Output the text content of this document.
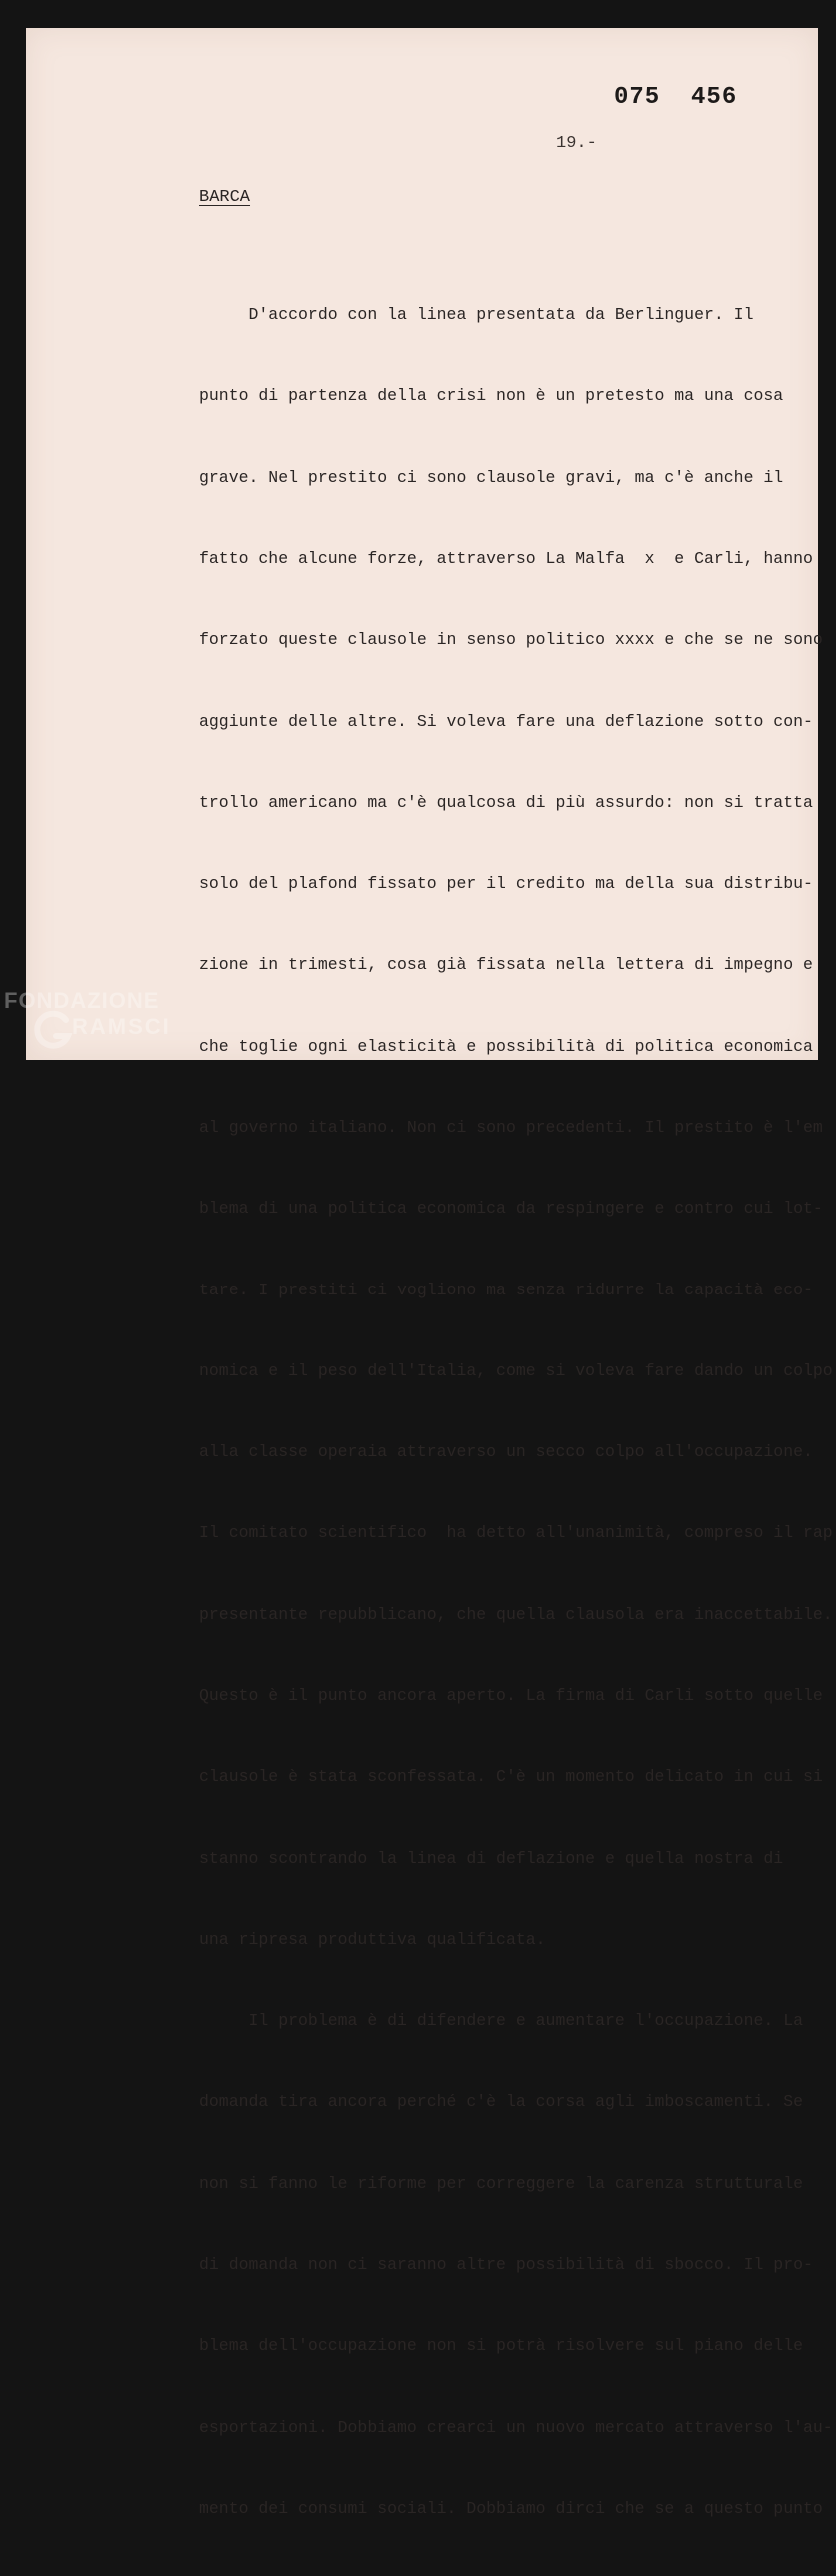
075  456
19.-
BARCA

D'accordo con la linea presentata da Berlinguer. Il

punto di partenza della crisi non è un pretesto ma una cosa

grave. Nel prestito ci sono clausole gravi, ma c'è anche il

fatto che alcune forze, attraverso La Malfa  x  e Carli, hanno

forzato queste clausole in senso politico xxxx e che se ne sono

aggiunte delle altre. Si voleva fare una deflazione sotto con-

trollo americano ma c'è qualcosa di più assurdo: non si tratta

solo del plafond fissato per il credito ma della sua distribu-

zione in trimesti, cosa già fissata nella lettera di impegno e

che toglie ogni elasticità e possibilità di politica economica

al governo italiano. Non ci sono precedenti. Il prestito è l'em

blema di una politica economica da respingere e contro cui lot-

tare. I prestiti ci vogliono ma senza ridurre la capacità eco-

nomica e il peso dell'Italia, come si voleva fare dando un colpo

alla classe operaia attraverso un secco colpo all'occupazione.

Il comitato scientifico  ha detto all'unanimità, compreso il rap

presentante repubblicano, che quella clausola era inaccettabile.

Questo è il punto ancora aperto. La firma di Carli sotto quelle

clausole è stata sconfessata. C'è un momento delicato in cui si

stanno scontrando la linea di deflazione e quella nostra di

una ripresa produttiva qualificata.

Il problema è di difendere e aumentare l'occupazione. La

domanda tira ancora perché c'è la corsa agli imboscamenti. Se

non si fanno le riforme per correggere la carenza strutturale

di domanda non ci saranno altre possibilità di sbocco. Il pro-

blema dell'occupazione non si potrà risolvere sul piano delle

esportazioni. Dobbiamo crearci un nuovo mercato attraverso l'au-

mento dei consumi sociali. Dobbiamo dirci che se a questo punto

FONDAZIONE
RAMSCI
